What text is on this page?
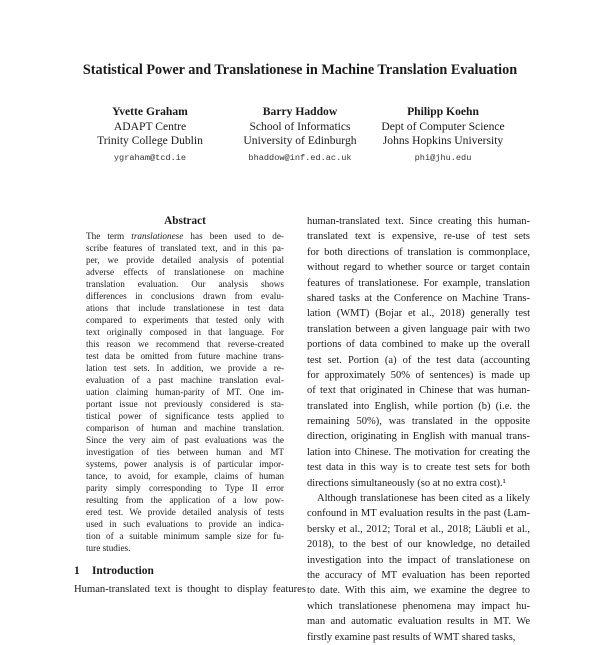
Statistical Power and Translationese in Machine Translation Evaluation
Yvette Graham
ADAPT Centre
Trinity College Dublin
ygraham@tcd.ie
Barry Haddow
School of Informatics
University of Edinburgh
bhaddow@inf.ed.ac.uk
Philipp Koehn
Dept of Computer Science
Johns Hopkins University
phi@jhu.edu
Abstract
The term translationese has been used to de-
scribe features of translated text, and in this pa-
per, we provide detailed analysis of potential
adverse effects of translationese on machine
translation evaluation. Our analysis shows
differences in conclusions drawn from evalu-
ations that include translationese in test data
compared to experiments that tested only with
text originally composed in that language. For
this reason we recommend that reverse-created
test data be omitted from future machine trans-
lation test sets. In addition, we provide a re-
evaluation of a past machine translation eval-
uation claiming human-parity of MT. One im-
portant issue not previously considered is sta-
tistical power of significance tests applied to
comparison of human and machine translation.
Since the very aim of past evaluations was the
investigation of ties between human and MT
systems, power analysis is of particular impor-
tance, to avoid, for example, claims of human
parity simply corresponding to Type II error
resulting from the application of a low pow-
ered test. We provide detailed analysis of tests
used in such evaluations to provide an indica-
tion of a suitable minimum sample size for fu-
ture studies.
1 Introduction
Human-translated text is thought to display features
human-translated text. Since creating this human-
translated text is expensive, re-use of test sets
for both directions of translation is commonplace,
without regard to whether source or target contain
features of translationese. For example, translation
shared tasks at the Conference on Machine Trans-
lation (WMT) (Bojar et al., 2018) generally test
translation between a given language pair with two
portions of data combined to make up the overall
test set. Portion (a) of the test data (accounting
for approximately 50% of sentences) is made up
of text that originated in Chinese that was human-
translated into English, while portion (b) (i.e. the
remaining 50%), was translated in the opposite
direction, originating in English with manual trans-
lation into Chinese. The motivation for creating the
test data in this way is to create test sets for both
directions simultaneously (so at no extra cost).¹
Although translationese has been cited as a likely
confound in MT evaluation results in the past (Lam-
bersky et al., 2012; Toral et al., 2018; Läubli et al.,
2018), to the best of our knowledge, no detailed
investigation into the impact of translationese on
the accuracy of MT evaluation has been reported
to date. With this aim, we examine the degree to
which translationese phenomena may impact hu-
man and automatic evaluation results in MT. We
firstly examine past results of WMT shared tasks,
